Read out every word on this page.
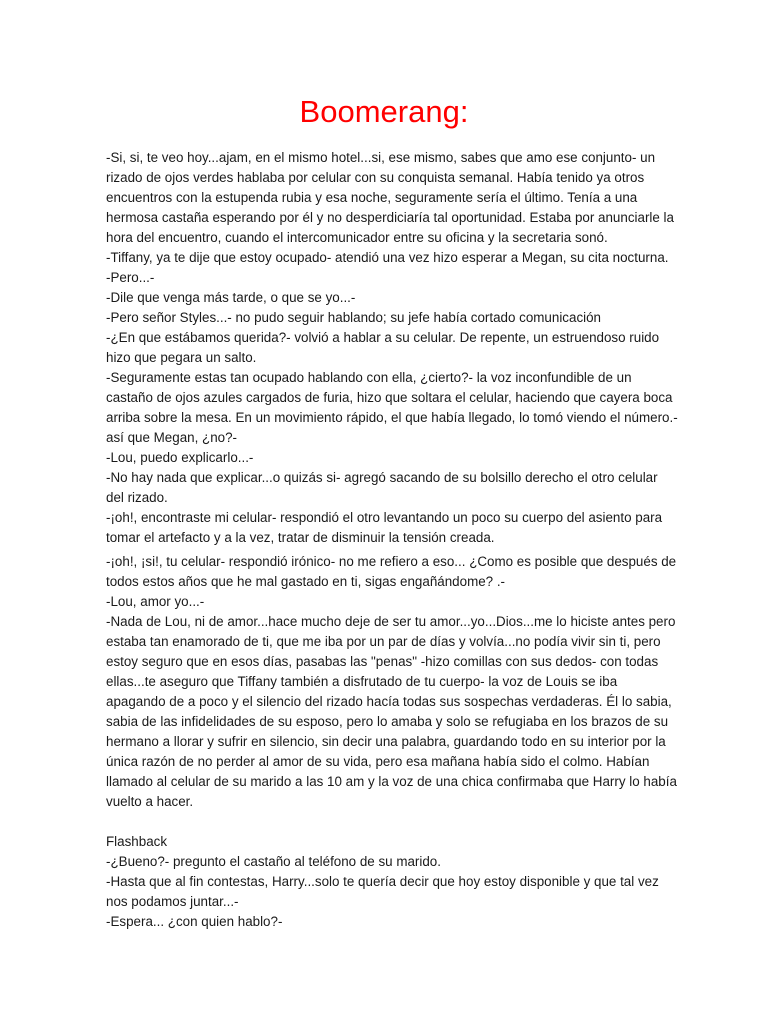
Boomerang:

-Si, si, te veo hoy...ajam, en el mismo hotel...si, ese mismo, sabes que amo ese conjunto- un rizado de ojos verdes hablaba por celular con su conquista semanal. Había tenido ya otros encuentros con la estupenda rubia y esa noche, seguramente sería el último. Tenía a una hermosa castaña esperando por él y no desperdiciaría tal oportunidad. Estaba por anunciarle la hora del encuentro, cuando el intercomunicador entre su oficina y la secretaria sonó.

-Tiffany, ya te dije que estoy ocupado- atendió una vez hizo esperar a Megan, su cita nocturna.

-Pero...-

-Dile que venga más tarde, o que se yo...-

-Pero señor Styles...- no pudo seguir hablando; su jefe había cortado comunicación

-¿En que estábamos querida?- volvió a hablar a su celular. De repente, un estruendoso ruido hizo que pegara un salto.

-Seguramente estas tan ocupado hablando con ella, ¿cierto?- la voz inconfundible de un castaño de ojos azules cargados de furia, hizo que soltara el celular, haciendo que cayera boca arriba sobre la mesa. En un movimiento rápido, el que había llegado, lo tomó viendo el número.- así que Megan, ¿no?-

-Lou, puedo explicarlo...-

-No hay nada que explicar...o quizás si- agregó sacando de su bolsillo derecho el otro celular del rizado.

-¡oh!, encontraste mi celular- respondió el otro levantando un poco su cuerpo del asiento para tomar el artefacto y a la vez, tratar de disminuir la tensión creada.

-¡oh!, ¡si!, tu celular- respondió irónico- no me refiero a eso... ¿Como es posible que después de todos estos años que he mal gastado en ti, sigas engañándome? .-

-Lou, amor yo...-

-Nada de Lou, ni de amor...hace mucho deje de ser tu amor...yo...Dios...me lo hiciste antes pero estaba tan enamorado de ti, que me iba por un par de días y volvía...no podía vivir sin ti, pero estoy seguro que en esos días, pasabas las "penas" -hizo comillas con sus dedos- con todas ellas...te aseguro que Tiffany también a disfrutado de tu cuerpo- la voz de Louis se iba apagando de a poco y el silencio del rizado hacía todas sus sospechas verdaderas. Él lo sabia, sabia de las infidelidades de su esposo, pero lo amaba y solo se refugiaba en los brazos de su hermano a llorar y sufrir en silencio, sin decir una palabra, guardando todo en su interior por la única razón de no perder al amor de su vida, pero esa mañana había sido el colmo. Habían llamado al celular de su marido a las 10 am y la voz de una chica confirmaba que Harry lo había vuelto a hacer.

Flashback

-¿Bueno?- pregunto el castaño al teléfono de su marido.

-Hasta que al fin contestas, Harry...solo te quería decir que hoy estoy disponible y que tal vez nos podamos juntar...-

-Espera... ¿con quien hablo?-
